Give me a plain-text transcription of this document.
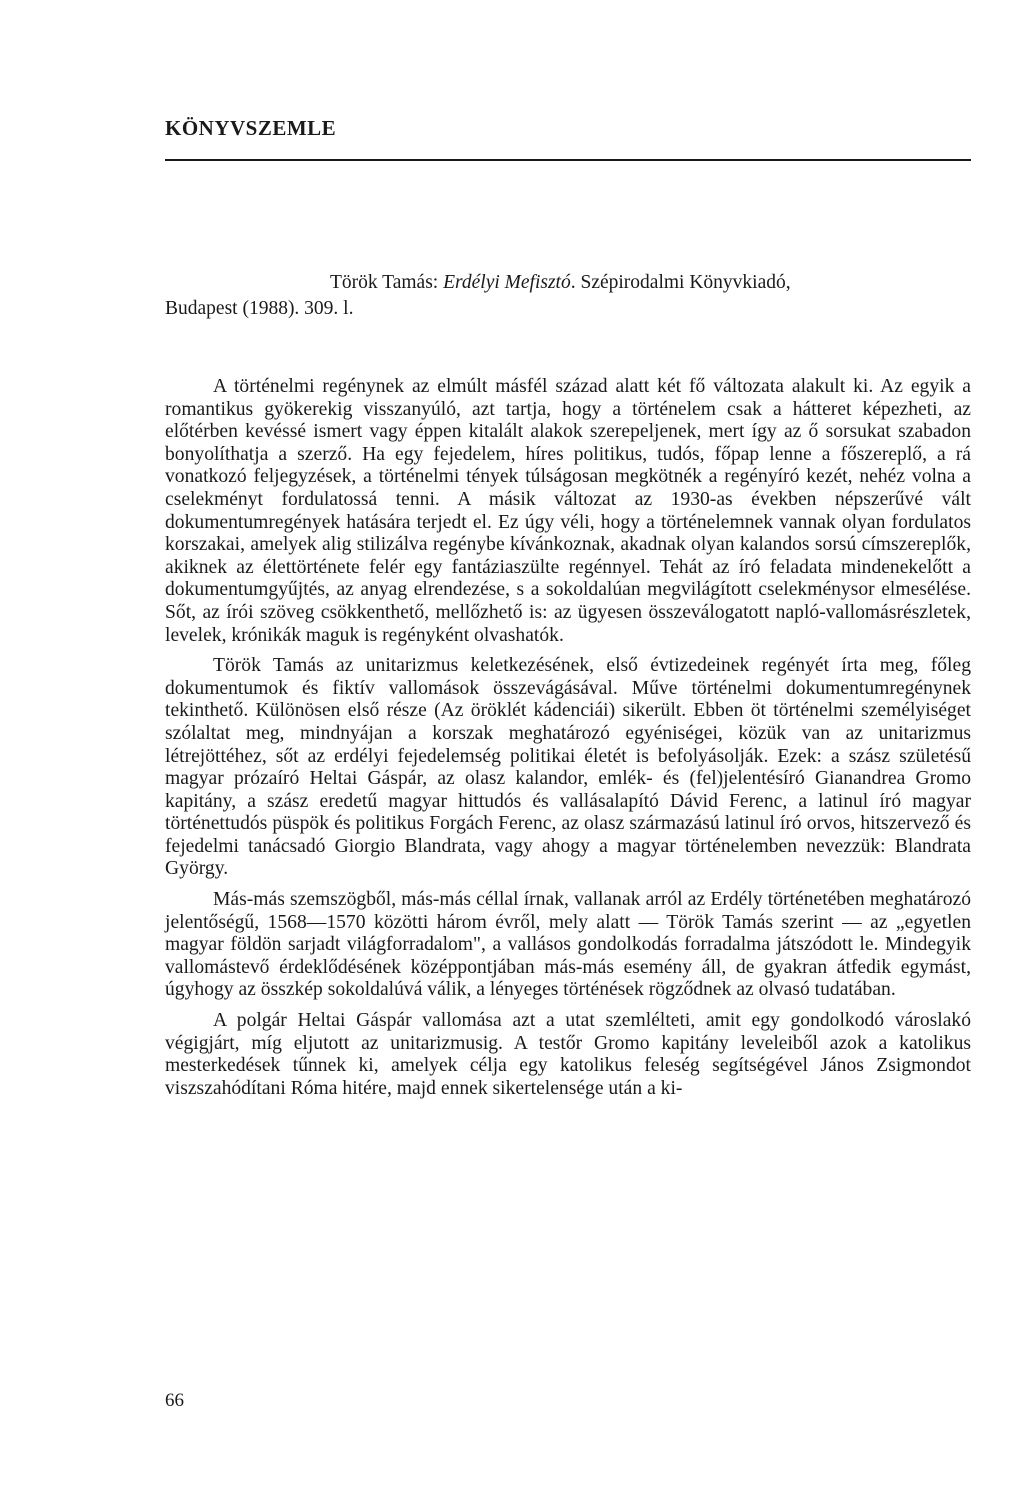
KÖNYVSZEMLE
Török Tamás: Erdélyi Mefisztó. Szépirodalmi Könyvkiadó,
Budapest (1988). 309. l.

A történelmi regénynek az elmúlt másfél század alatt két fő változata alakult ki. Az egyik a romantikus gyökerekig visszanyúló, azt tartja, hogy a történelem csak a hátteret képezheti, az előtérben kevéssé ismert vagy éppen kitalált alakok szerepeljenek, mert így az ő sorsukat szabadon bonyolíthatja a szerző. Ha egy fejedelem, híres politikus, tudós, főpap lenne a főszereplő, a rá vonatkozó feljegyzések, a történelmi tények túlságosan megkötnék a regényíró kezét, nehéz volna a cselekményt fordulatossá tenni. A másik változat az 1930-as években népszerűvé vált dokumentumregények hatására terjedt el. Ez úgy véli, hogy a történelemnek vannak olyan fordulatos korszakai, amelyek alig stilizálva regénybe kívánkoznak, akadnak olyan kalandos sorsú címszereplők, akiknek az élettörténete felér egy fantáziaszülte regénnyel. Tehát az író feladata mindenekelőtt a dokumentumgyűjtés, az anyag elrendezése, s a sokoldalúan megvilágított cselekménysor elmesélése. Sőt, az írói szöveg csökkenthető, mellőzhető is: az ügyesen összeválogatott napló-vallomásrészletek, levelek, krónikák maguk is regényként olvashatók.

Török Tamás az unitarizmus keletkezésének, első évtizedeinek regényét írta meg, főleg dokumentumok és fiktív vallomások összevágásával. Műve történelmi dokumentumregénynek tekinthető. Különösen első része (Az öröklét kádenciái) sikerült. Ebben öt történelmi személyiséget szólaltat meg, mindnyájan a korszak meghatározó egyéniségei, közük van az unitarizmus létrejöttéhez, sőt az erdélyi fejedelemség politikai életét is befolyásolják. Ezek: a szász születésű magyar prózaíró Heltai Gáspár, az olasz kalandor, emlék- és (fel)jelentésíró Gianandrea Gromo kapitány, a szász eredetű magyar hittudós és vallásalapító Dávid Ferenc, a latinul író magyar történettudós püspök és politikus Forgách Ferenc, az olasz származású latinul író orvos, hitszervező és fejedelmi tanácsadó Giorgio Blandrata, vagy ahogy a magyar történelemben nevezzük: Blandrata György.

Más-más szemszögből, más-más céllal írnak, vallanak arról az Erdély történetében meghatározó jelentőségű, 1568—1570 közötti három évről, mely alatt — Török Tamás szerint — az „egyetlen magyar földön sarjadt világforradalom", a vallásos gondolkodás forradalma játszódott le. Mindegyik vallomástevő érdeklődésének középpontjában más-más esemény áll, de gyakran átfedik egymást, úgyhogy az összkép sokoldalúvá válik, a lényeges történések rögződnek az olvasó tudatában.

A polgár Heltai Gáspár vallomása azt a utat szemlélteti, amit egy gondolkodó városlakó végigjárt, míg eljutott az unitarizmusig. A testőr Gromo kapitány leveleiből azok a katolikus mesterkedések tűnnek ki, amelyek célja egy katolikus feleség segítségével János Zsigmondot viszszahódítani Róma hitére, majd ennek sikertelensége után a ki-

66
